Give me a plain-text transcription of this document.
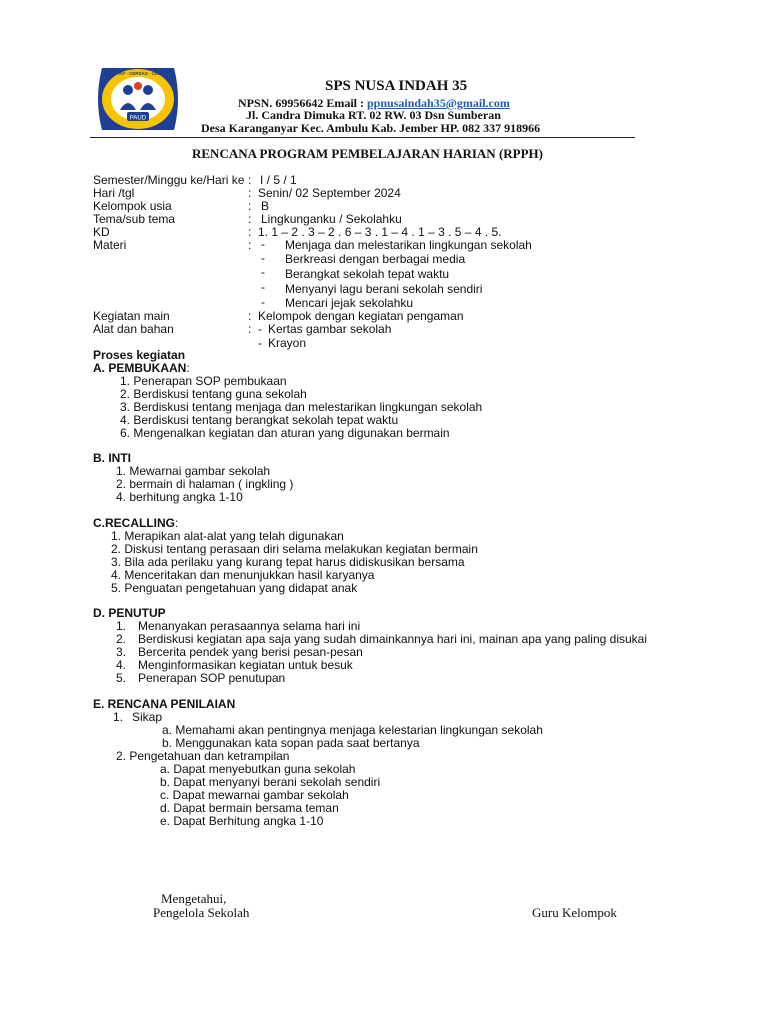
PAUD
SEHAT · CERDAS · CERIA
SPS NUSA INDAH 35
NPSN. 69956642 Email : ppnusaindah35@gmail.com
Jl. Candra Dimuka RT. 02 RW. 03 Dsn Sumberan
Desa Karanganyar Kec. Ambulu Kab. Jember HP. 082 337 918966
RENCANA PROGRAM PEMBELAJARAN HARIAN (RPPH)
Semester/Minggu ke/Hari ke : I / 5 / 1
Hari /tgl	: Senin/ 02 September 2024
Kelompok usia	: B
Tema/sub tema	: Lingkunganku / Sekolahku
KD	: 1. 1 – 2 . 3 – 2 . 6 – 3 . 1 – 4 . 1 – 3 . 5 – 4 . 5.
Materi	: - Menjaga dan melestarikan lingkungan sekolah
- Berkreasi dengan berbagai media
- Berangkat sekolah tepat waktu
- Menyanyi lagu berani sekolah sendiri
- Mencari jejak sekolahku
Kegiatan main	: Kelompok dengan kegiatan pengaman
Alat dan bahan	: - Kertas gambar sekolah
- Krayon
Proses kegiatan
A. PEMBUKAAN:
1. Penerapan SOP pembukaan
2. Berdiskusi tentang guna sekolah
3. Berdiskusi tentang menjaga dan melestarikan lingkungan sekolah
4. Berdiskusi tentang berangkat sekolah tepat waktu
6. Mengenalkan kegiatan dan aturan yang digunakan bermain
B. INTI
1. Mewarnai gambar sekolah
2. bermain di halaman ( ingkling )
4. berhitung angka 1-10
C.RECALLING:
1. Merapikan alat-alat yang telah digunakan
2. Diskusi tentang perasaan diri selama melakukan kegiatan bermain
3. Bila ada perilaku yang kurang tepat harus didiskusikan bersama
4. Menceritakan dan menunjukkan hasil karyanya
5. Penguatan pengetahuan yang didapat anak
D. PENUTUP
1. Menanyakan perasaannya selama hari ini
2. Berdiskusi kegiatan apa saja yang sudah dimainkannya hari ini, mainan apa yang paling disukai
3. Bercerita pendek yang berisi pesan-pesan
4. Menginformasikan kegiatan untuk besuk
5. Penerapan SOP penutupan
E. RENCANA PENILAIAN
1. Sikap
a. Memahami akan pentingnya menjaga kelestarian lingkungan sekolah
b. Menggunakan kata sopan pada saat bertanya
2. Pengetahuan dan ketrampilan
a. Dapat menyebutkan guna sekolah
b. Dapat menyanyi berani sekolah sendiri
c. Dapat mewarnai gambar sekolah
d. Dapat bermain bersama teman
e. Dapat Berhitung angka 1-10
Mengetahui,
Pengelola Sekolah	Guru Kelompok
